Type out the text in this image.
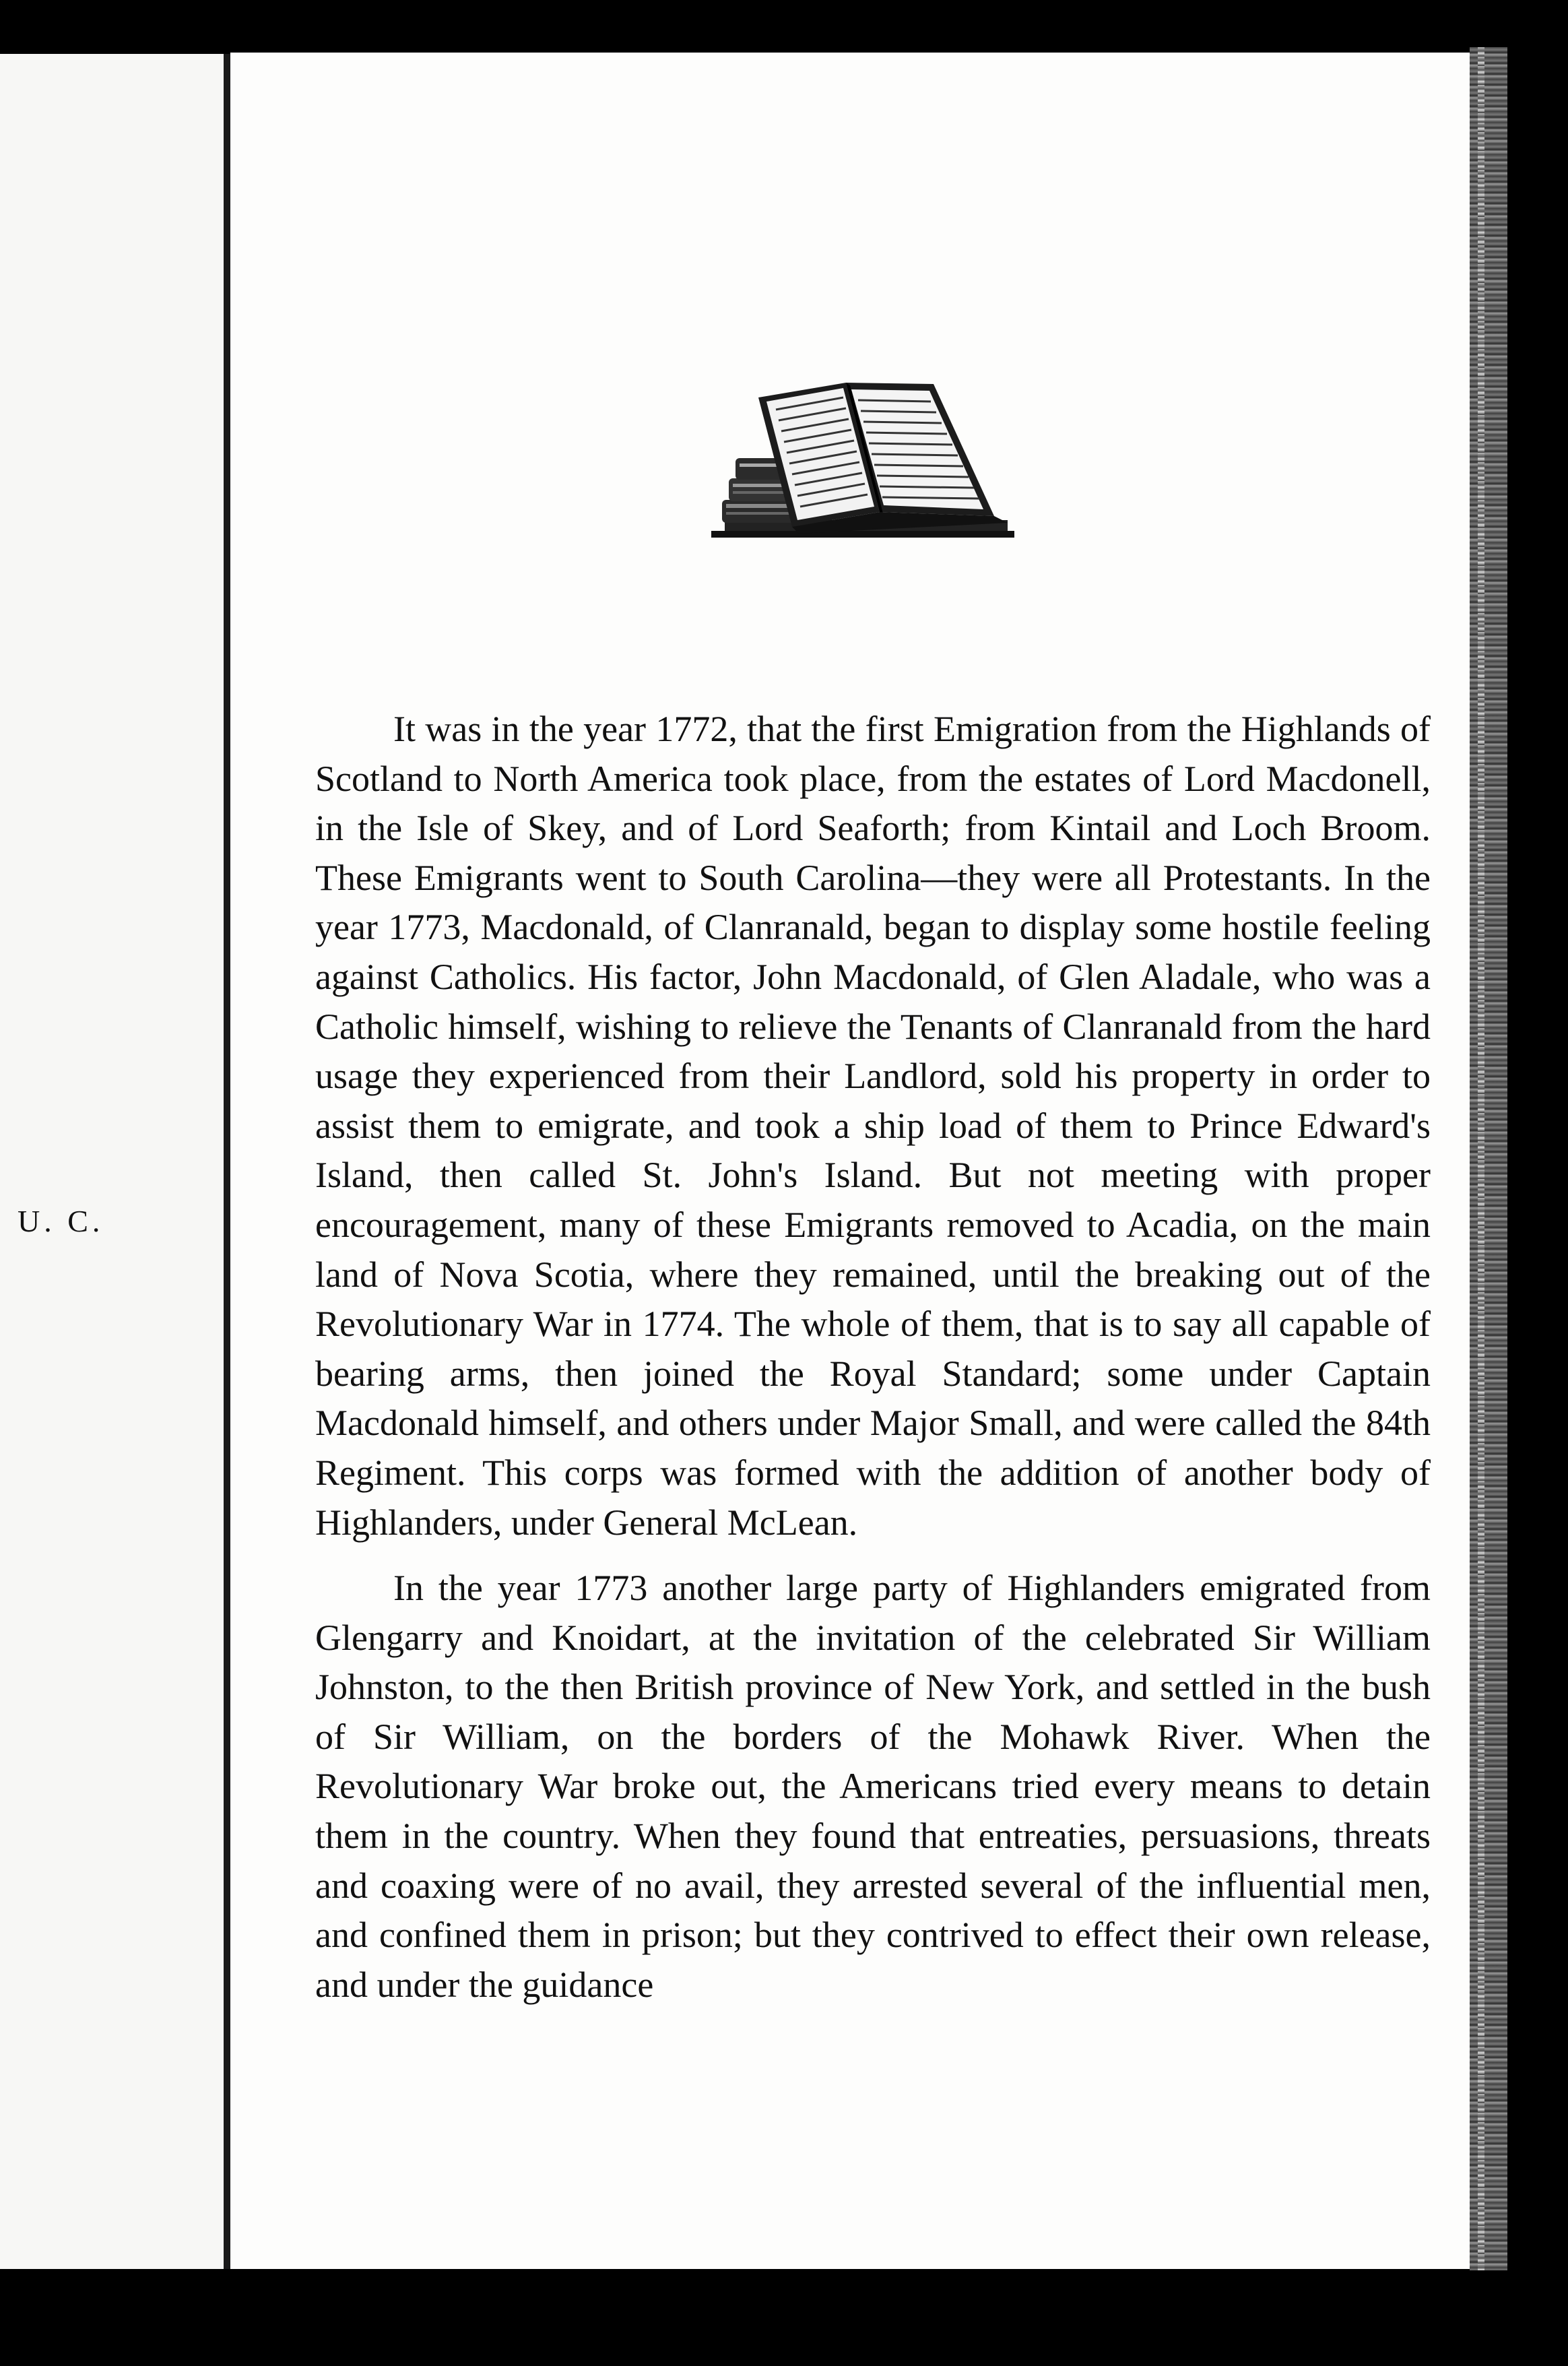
U. C.

It was in the year 1772, that the first Emigration from the Highlands of Scotland to North America took place, from the estates of Lord Macdonell, in the Isle of Skey, and of Lord Seaforth; from Kintail and Loch Broom. These Emigrants went to South Carolina—they were all Protestants. In the year 1773, Macdonald, of Clanranald, began to display some hostile feeling against Catholics. His factor, John Macdonald, of Glen Aladale, who was a Catholic himself, wishing to relieve the Tenants of Clanranald from the hard usage they experienced from their Landlord, sold his property in order to assist them to emigrate, and took a ship load of them to Prince Edward's Island, then called St. John's Island. But not meeting with proper encouragement, many of these Emigrants removed to Acadia, on the main land of Nova Scotia, where they remained, until the breaking out of the Revolutionary War in 1774. The whole of them, that is to say all capable of bearing arms, then joined the Royal Standard; some under Captain Macdonald himself, and others under Major Small, and were called the 84th Regiment. This corps was formed with the addition of another body of Highlanders, under General McLean.

In the year 1773 another large party of Highlanders emigrated from Glengarry and Knoidart, at the invitation of the celebrated Sir William Johnston, to the then British province of New York, and settled in the bush of Sir William, on the borders of the Mohawk River. When the Revolutionary War broke out, the Americans tried every means to detain them in the country. When they found that entreaties, persuasions, threats and coaxing were of no avail, they arrested several of the influential men, and confined them in prison; but they contrived to effect their own release, and under the guidance
